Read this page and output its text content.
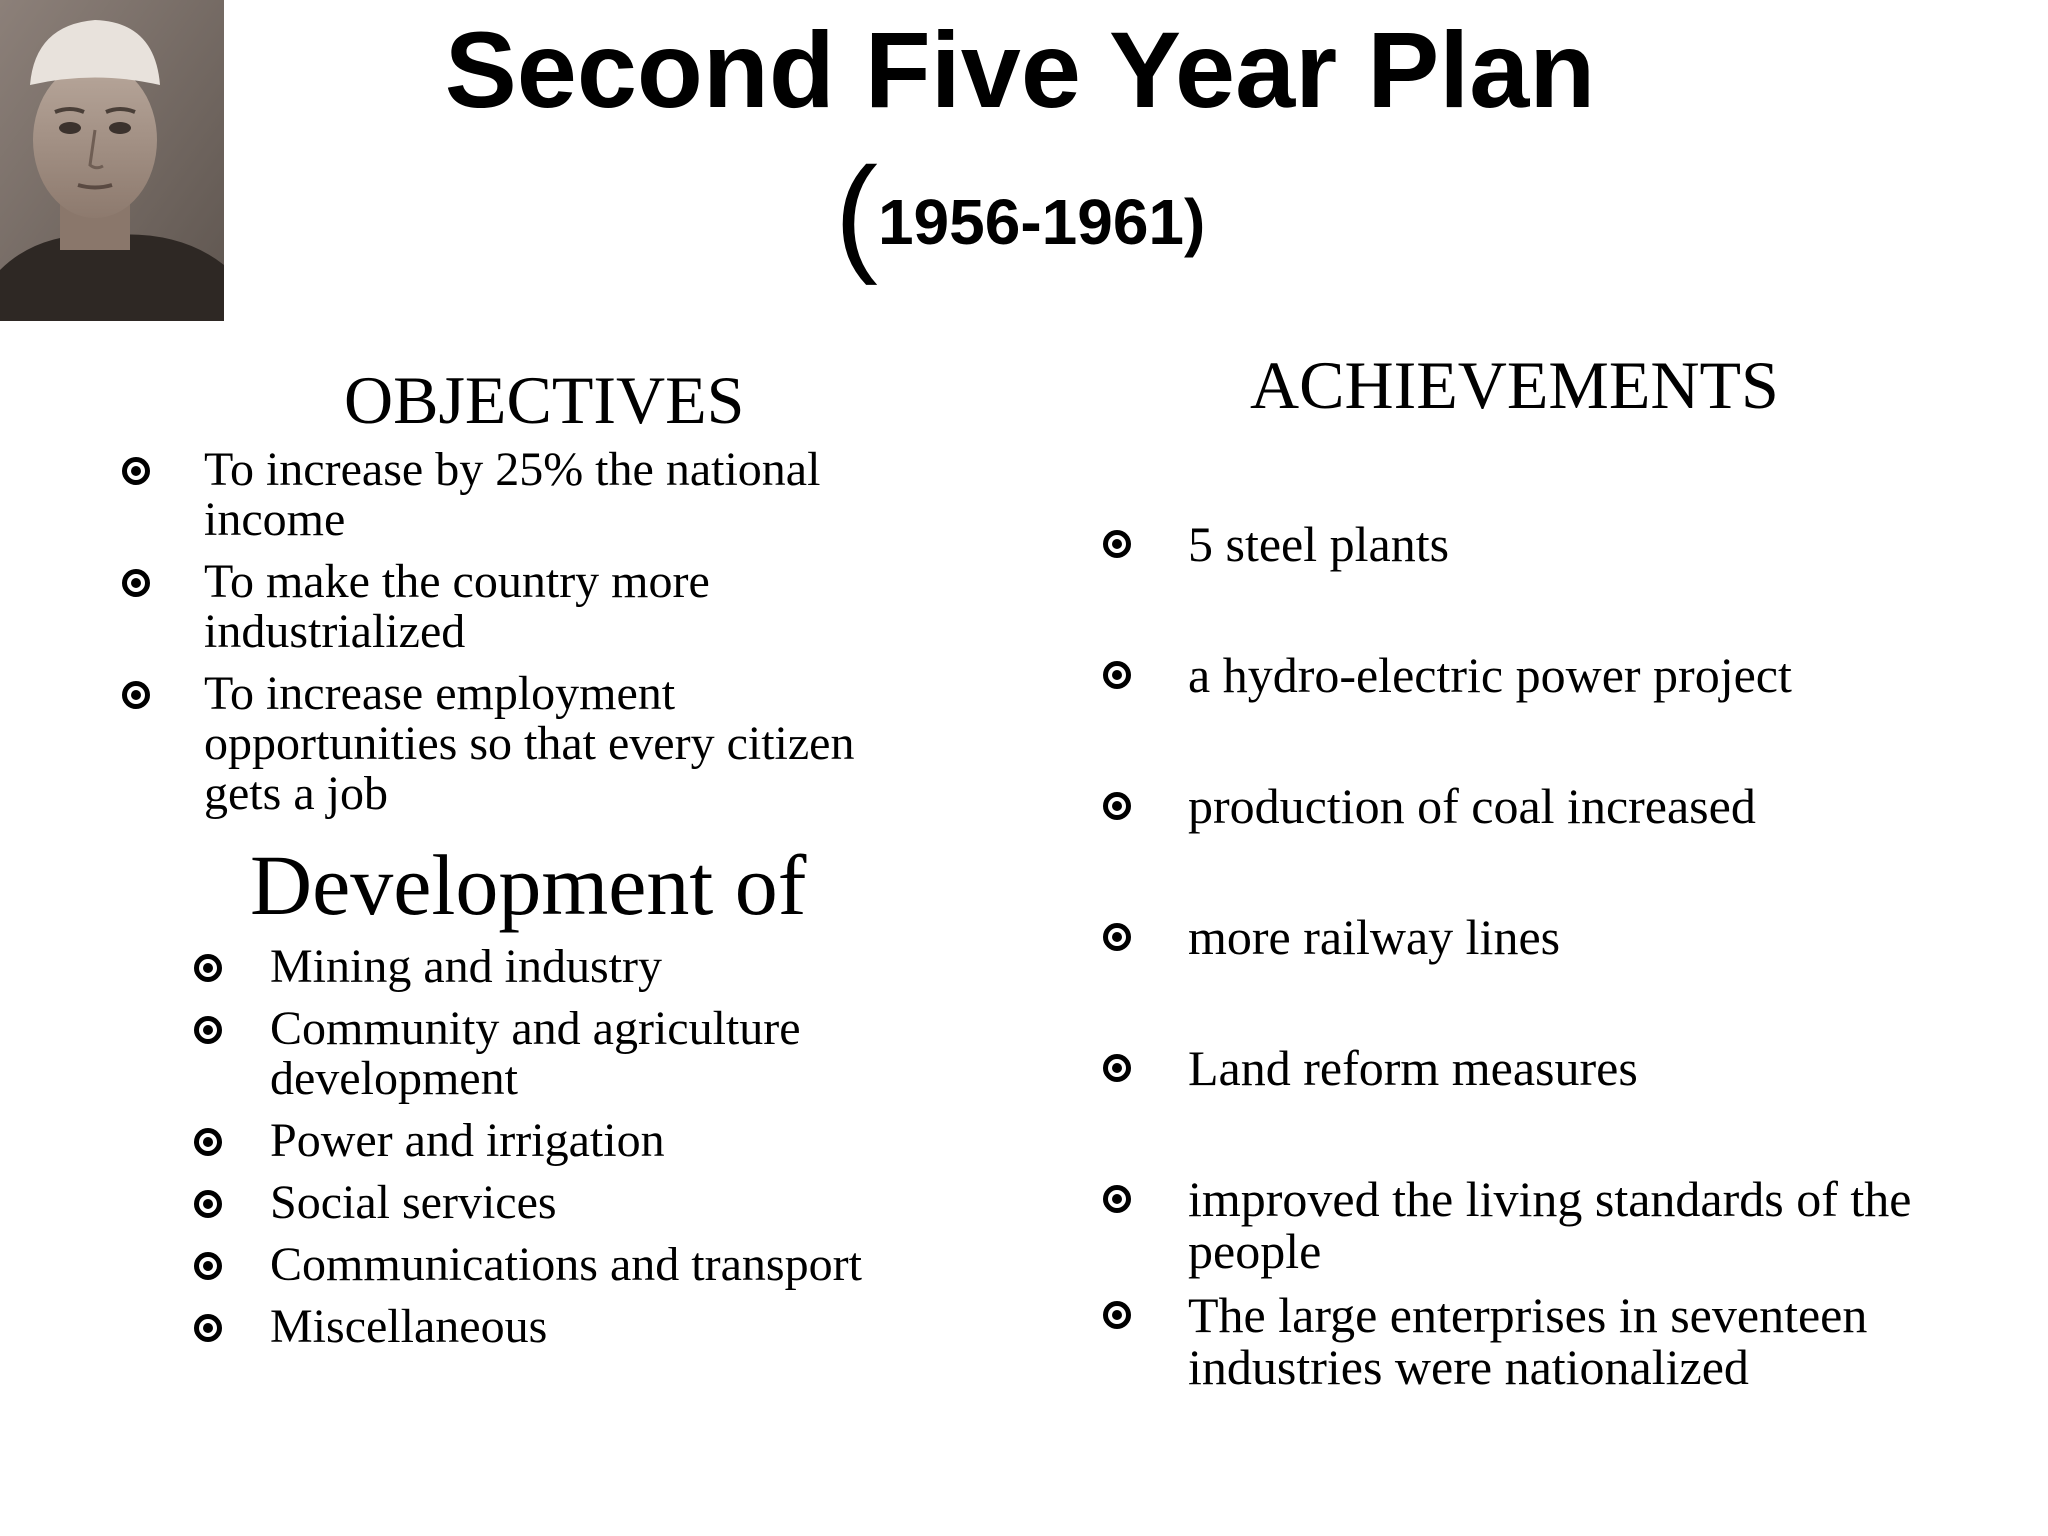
Second Five Year Plan
(1956-1961)
OBJECTIVES
To increase by 25% the national income
To make the country more industrialized
To increase employment opportunities so that every citizen gets a job
Development of
Mining and industry
Community and agriculture development
Power and irrigation
Social services
Communications and transport
Miscellaneous
ACHIEVEMENTS
5 steel plants
a hydro-electric power project
production of coal increased
more railway lines
Land reform measures
improved the living standards of the people
The large enterprises in seventeen industries were nationalized
